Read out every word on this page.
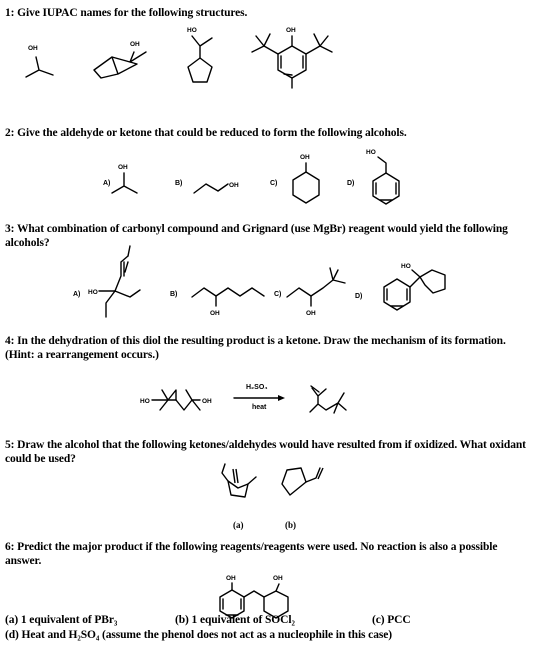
1: Give IUPAC names for the following structures.
2: Give the aldehyde or ketone that could be reduced to form the following alcohols.
3: What combination of carbonyl compound and Grignard (use MgBr) reagent would yield the following alcohols?
4: In the dehydration of this diol the resulting product is a ketone. Draw the mechanism of its formation. (Hint: a rearrangement occurs.)
5: Draw the alcohol that the following ketones/aldehydes would have resulted from if oxidized. What oxidant could be used?
6: Predict the major product if the following reagents/reagents were used. No reaction is also a possible answer.
(a) 1 equivalent of PBr₃	(b) 1 equivalent of SOCl₂	(c) PCC
(d) Heat and H₂SO₄ (assume the phenol does not act as a nucleophile in this case)
A)	B)	C)	D)
A)	B)	C)	D)
(a)	(b)
H₂SO₄
heat
OH
OH
HO	OH
OH
OH
OH
HO
HO
OH	OH
HO
HO	OH
OH	OH
